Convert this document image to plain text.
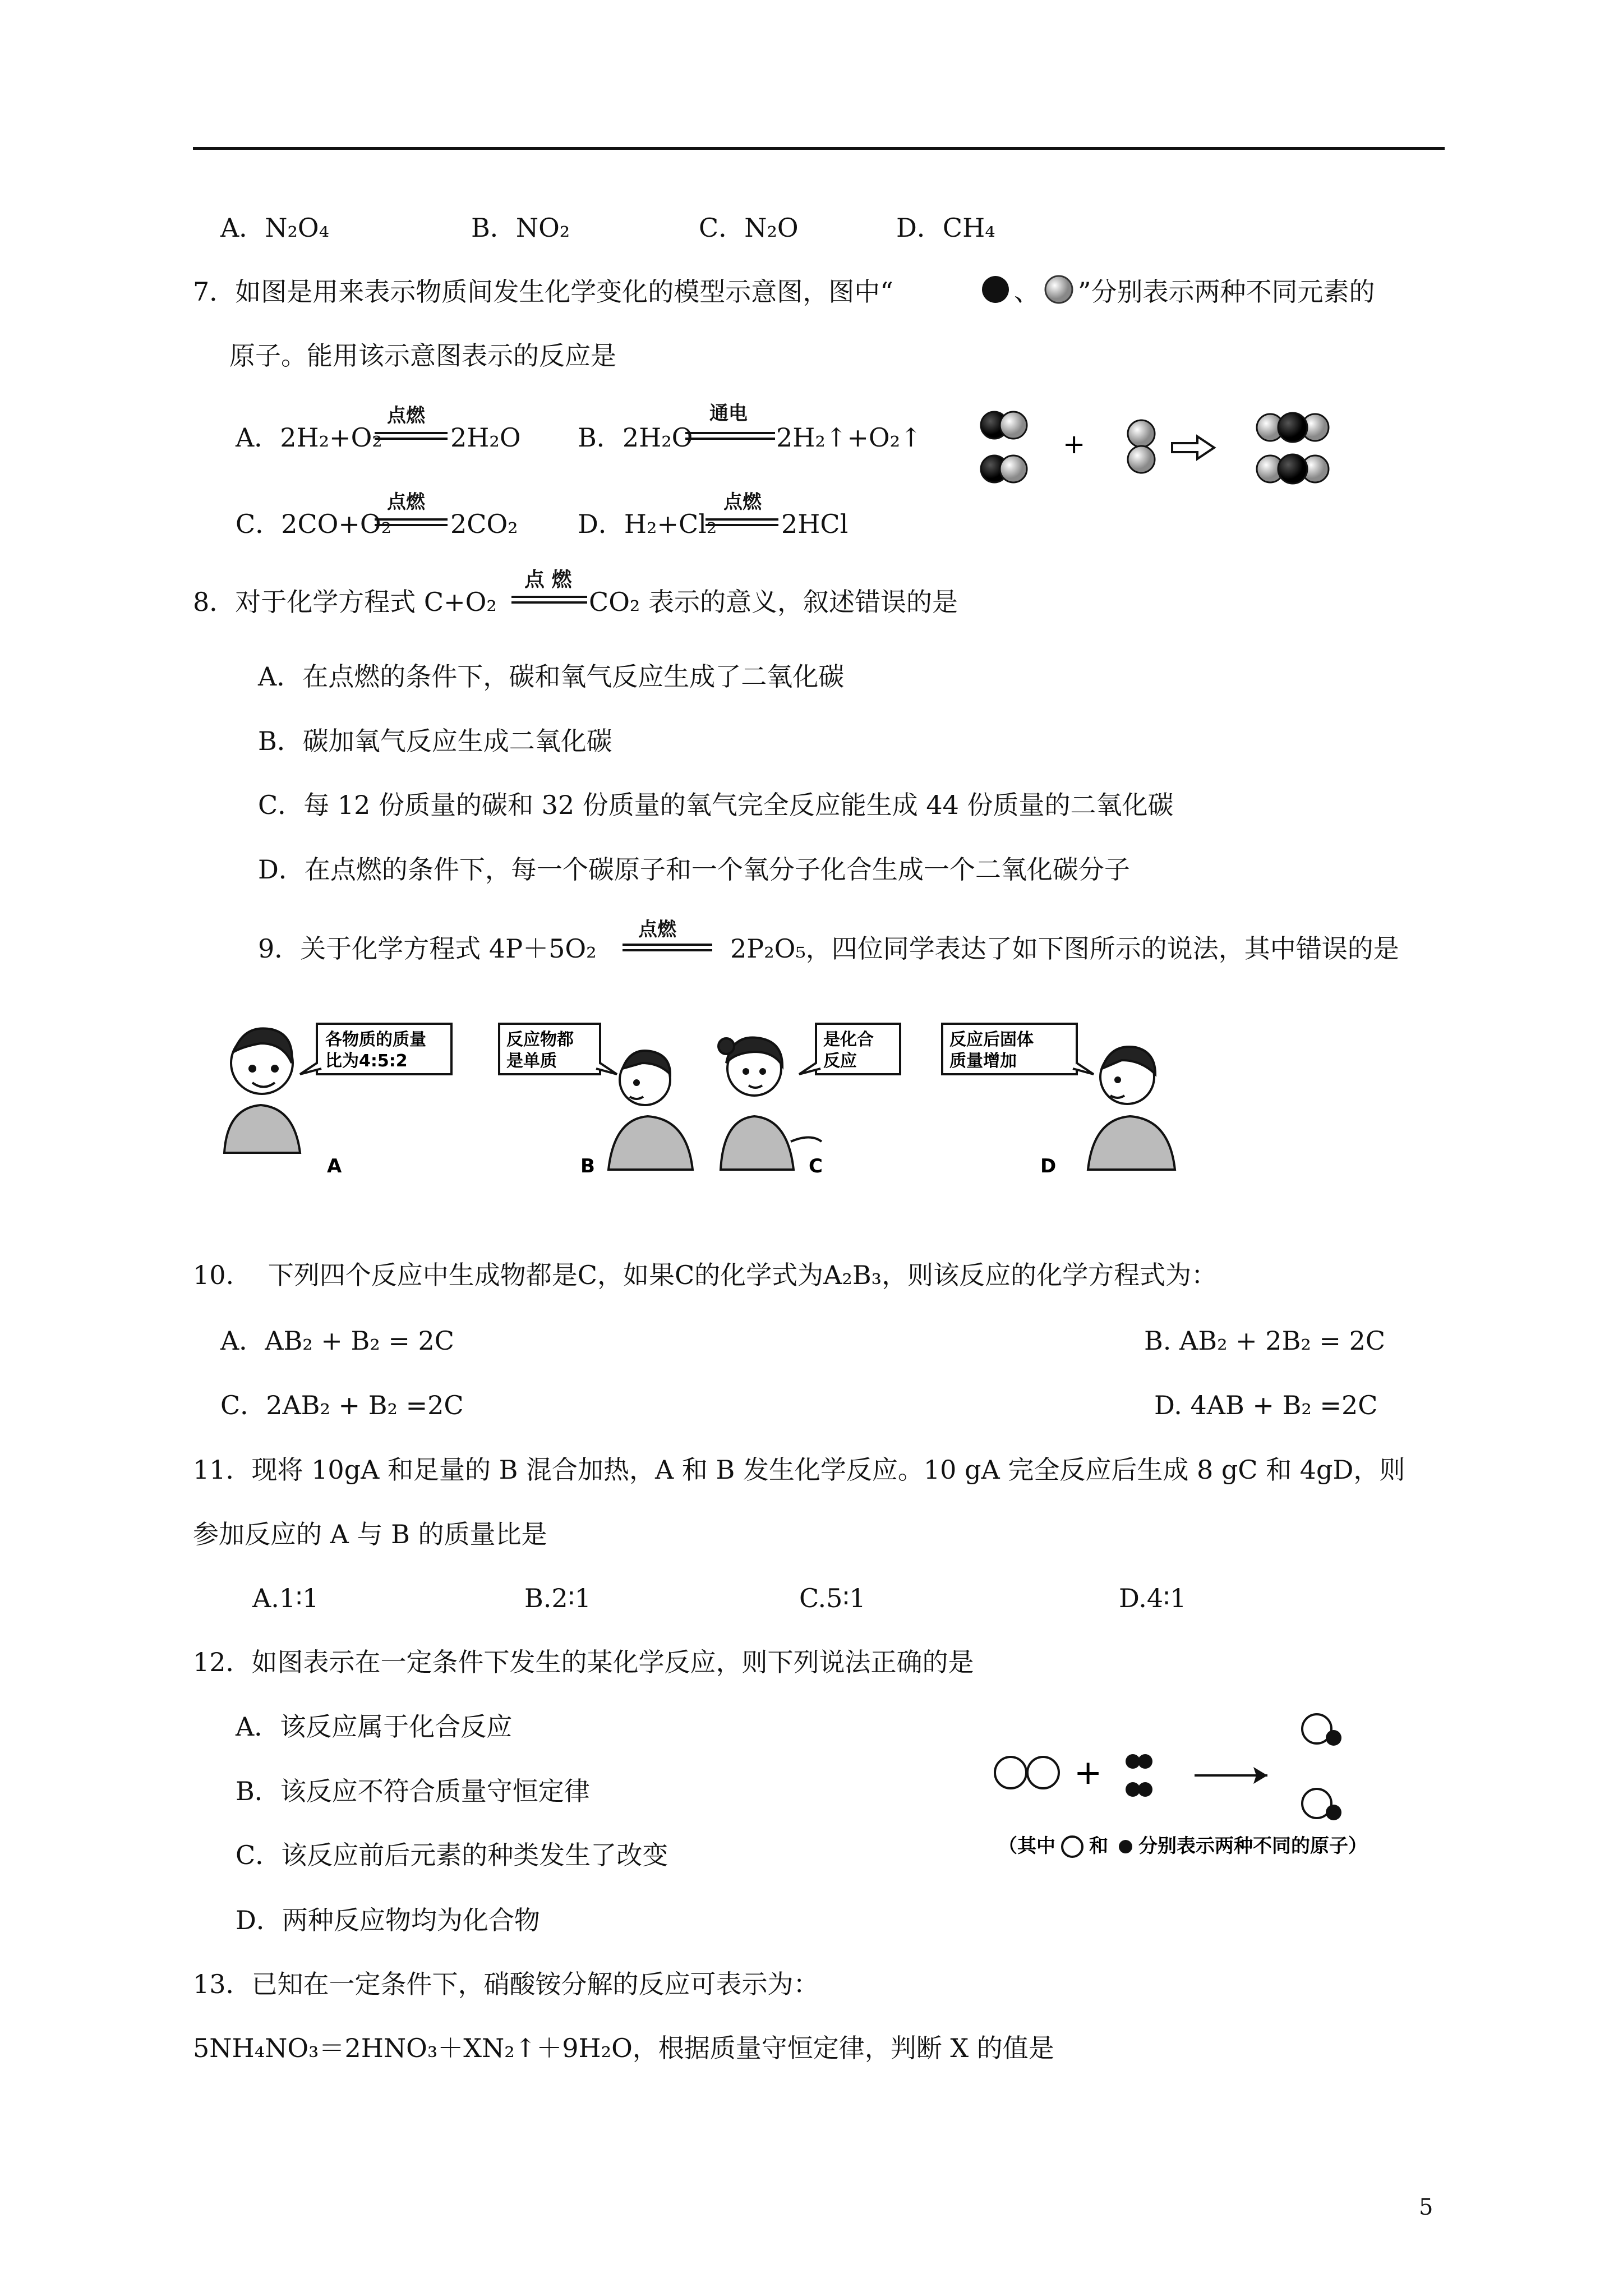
A．N₂O₄	B．NO₂	C．N₂O	D．CH₄
7．如图是用来表示物质间发生化学变化的模型示意图，图中“	、 ”分别表示两种不同元素的
原子。能用该示意图表示的反应是
A．2H₂+O₂
点燃
2H₂O B．2H₂O
通电
2H₂↑+O₂↑
C．2CO+O₂
点燃
2CO₂ D．H₂+Cl₂
点燃
2HCl
+
8．对于化学方程式 C+O₂
点 燃
CO₂ 表示的意义，叙述错误的是
A．在点燃的条件下，碳和氧气反应生成了二氧化碳
B．碳加氧气反应生成二氧化碳
C．每 12 份质量的碳和 32 份质量的氧气完全反应能生成 44 份质量的二氧化碳
D．在点燃的条件下，每一个碳原子和一个氧分子化合生成一个二氧化碳分子
9．关于化学方程式 4P＋5O₂
点燃
2P₂O₅，四位同学表达了如下图所示的说法，其中错误的是
各物质的质量
比为4:5:2
反应物都
是单质
是化合
反应
反应后固体
质量增加
A	B	C	D
10.　 下列四个反应中生成物都是C，如果C的化学式为A₂B₃，则该反应的化学方程式为：
A．AB₂ + B₂ = 2C	B. AB₂ + 2B₂ = 2C
C．2AB₂ + B₂ =2C	D. 4AB + B₂ =2C
11．现将 10gA 和足量的 B 混合加热，A 和 B 发生化学反应。10 gA 完全反应后生成 8 gC 和 4gD，则
参加反应的 A 与 B 的质量比是
A.1∶1	B.2∶1	C.5∶1	D.4∶1
12．如图表示在一定条件下发生的某化学反应，则下列说法正确的是
A．该反应属于化合反应
B．该反应不符合质量守恒定律
C．该反应前后元素的种类发生了改变
D．两种反应物均为化合物
+
（其中 和 分别表示两种不同的原子）
13．已知在一定条件下，硝酸铵分解的反应可表示为：
5NH₄NO₃＝2HNO₃＋XN₂↑＋9H₂O，根据质量守恒定律，判断 X 的值是
5
